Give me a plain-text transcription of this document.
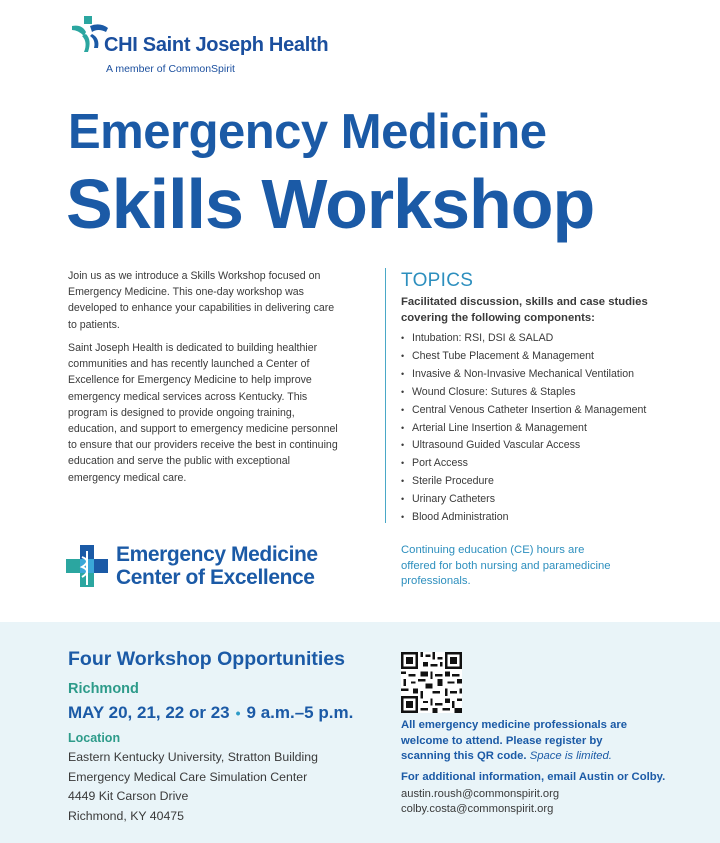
CHI Saint Joseph Health
A member of CommonSpirit
Emergency Medicine
Skills Workshop

Join us as we introduce a Skills Workshop focused on Emergency Medicine. This one-day workshop was developed to enhance your capabilities in delivering care to patients.

Saint Joseph Health is dedicated to building healthier communities and has recently launched a Center of Excellence for Emergency Medicine to help improve emergency medical services across Kentucky. This program is designed to provide ongoing training, education, and support to emergency medicine personnel to ensure that our providers receive the best in continuing education and serve the public with exceptional emergency medical care.

TOPICS
Facilitated discussion, skills and case studies covering the following components:
• Intubation: RSI, DSI & SALAD
• Chest Tube Placement & Management
• Invasive & Non-Invasive Mechanical Ventilation
• Wound Closure: Sutures & Staples
• Central Venous Catheter Insertion & Management
• Arterial Line Insertion & Management
• Ultrasound Guided Vascular Access
• Port Access
• Sterile Procedure
• Urinary Catheters
• Blood Administration
Emergency Medicine
Center of Excellence
Continuing education (CE) hours are offered for both nursing and paramedicine professionals.
Four Workshop Opportunities
Richmond
MAY 20, 21, 22 or 23 • 9 a.m.–5 p.m.
Location
Eastern Kentucky University, Stratton Building
Emergency Medical Care Simulation Center
4449 Kit Carson Drive
Richmond, KY 40475
All emergency medicine professionals are welcome to attend. Please register by scanning this QR code. Space is limited.
For additional information, email Austin or Colby.
austin.roush@commonspirit.org
colby.costa@commonspirit.org
